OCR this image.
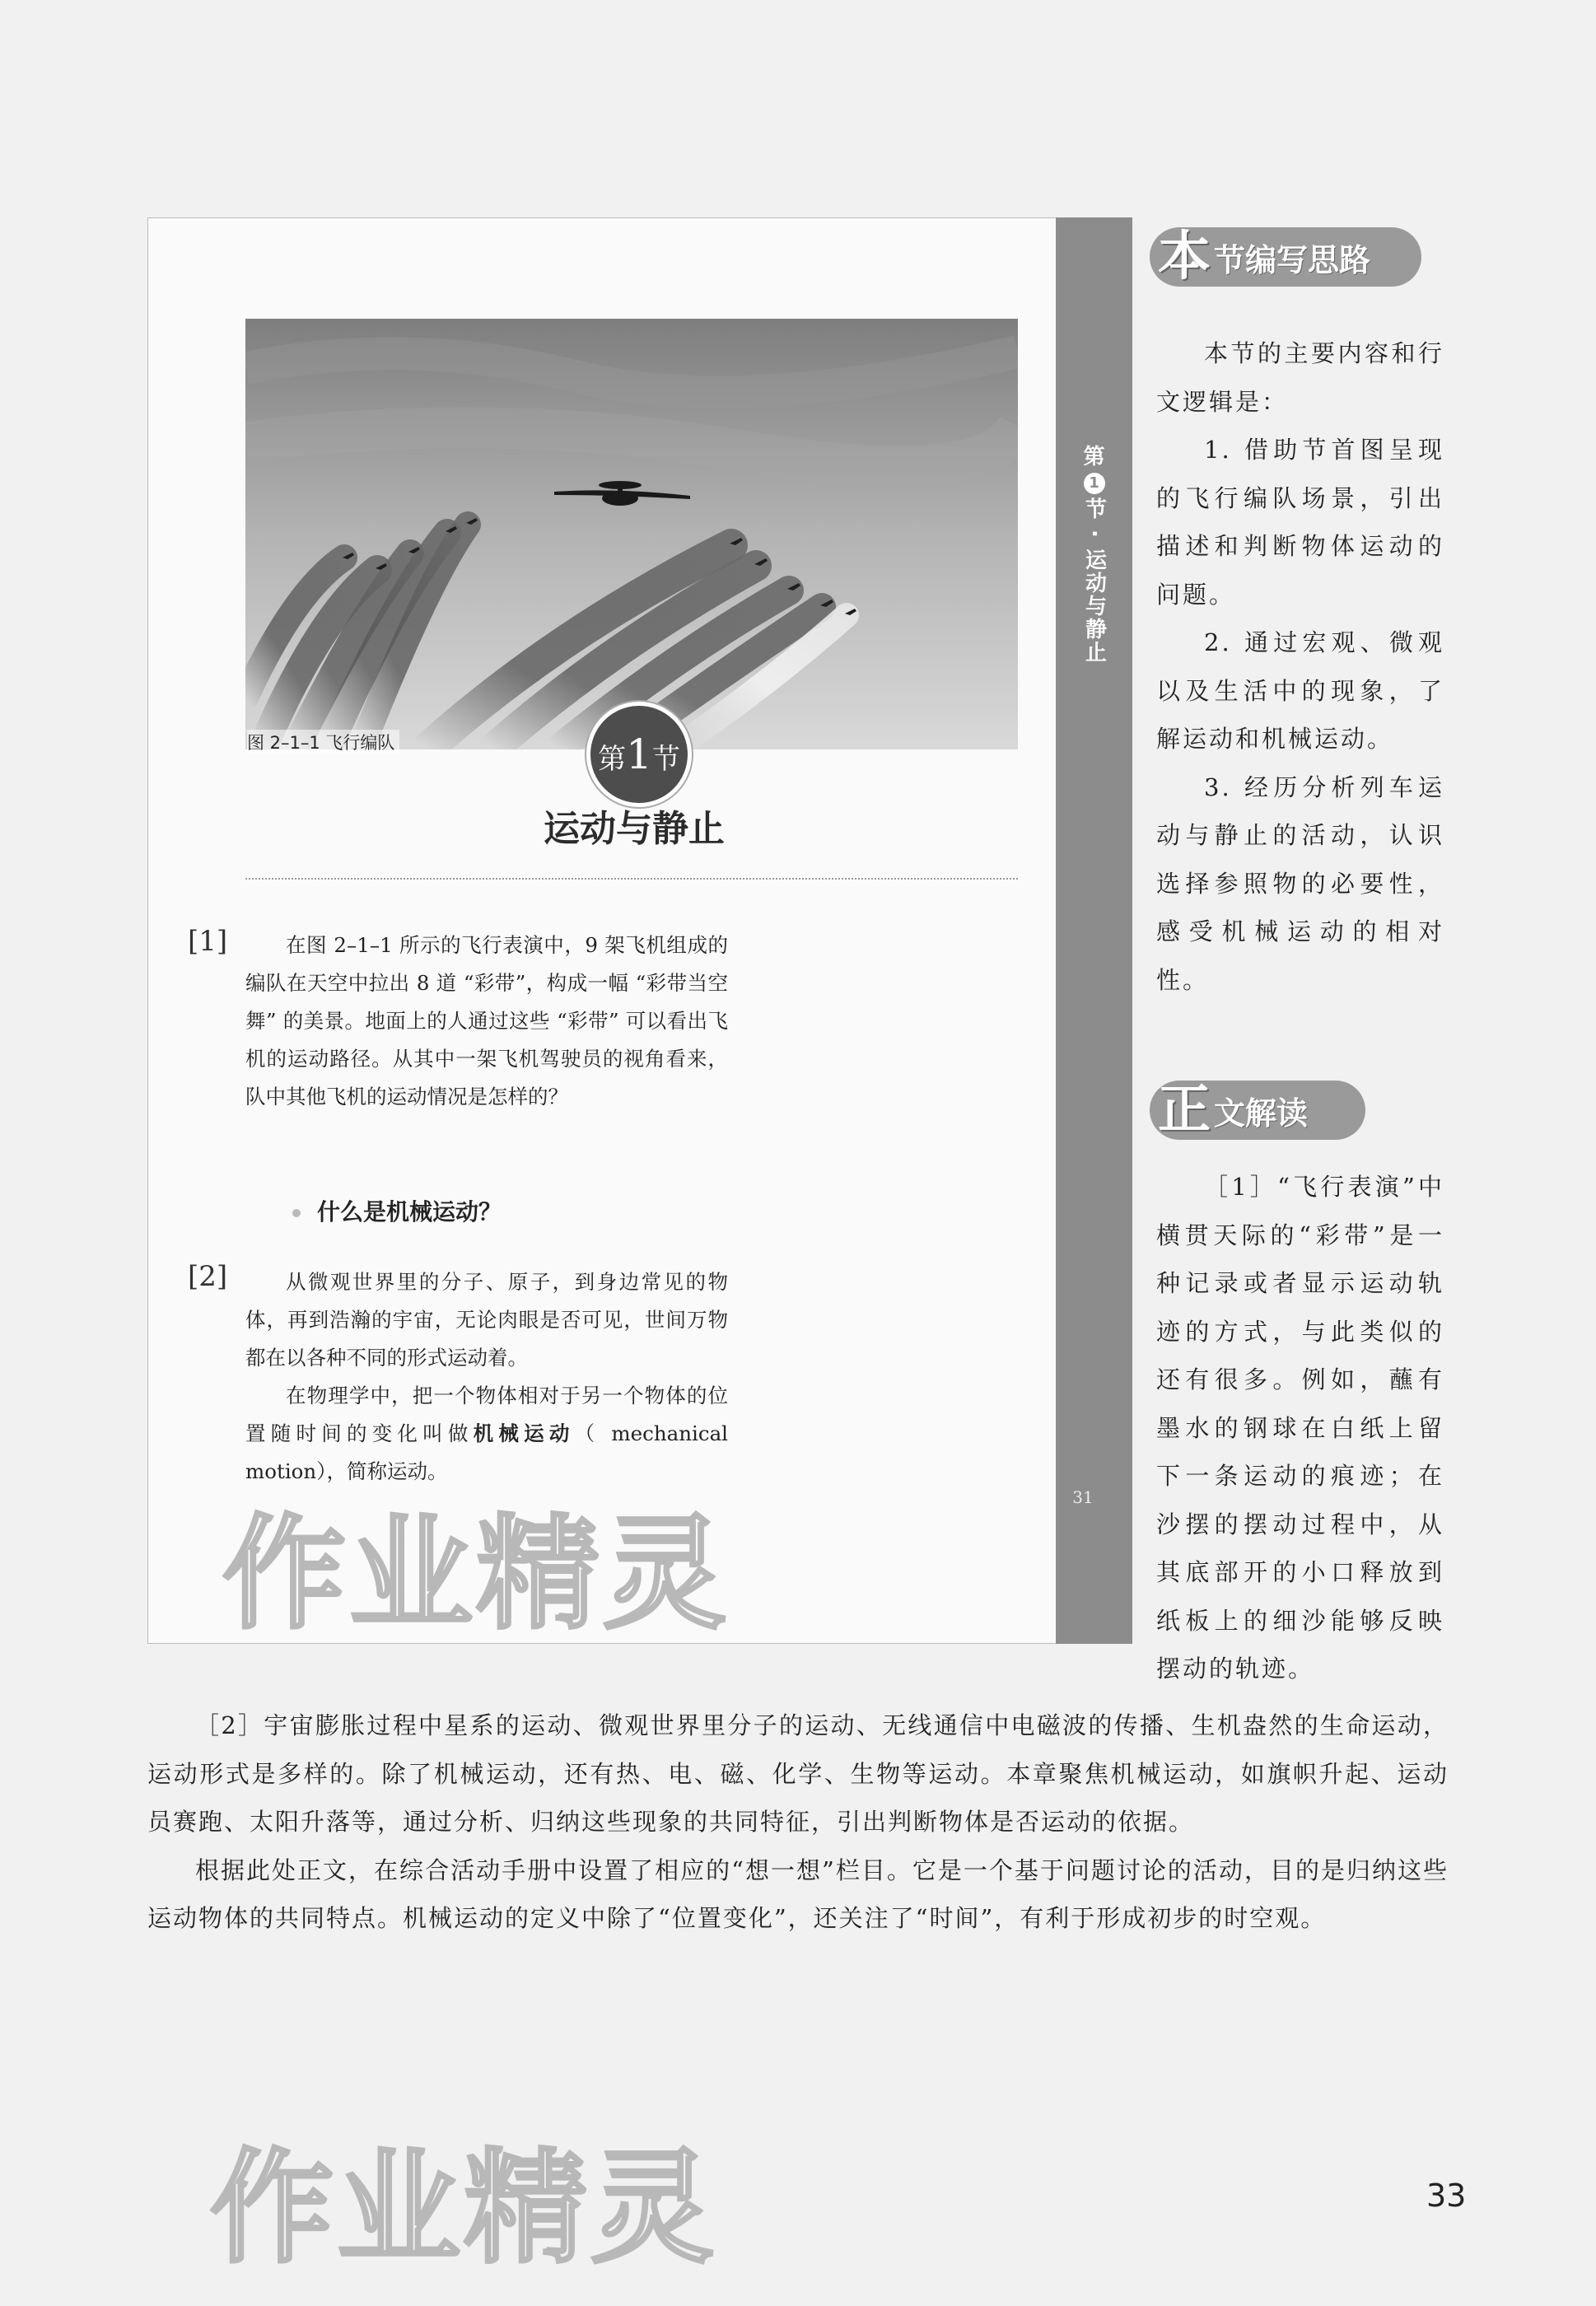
第
1
节 · 运动与静止
31
图 2–1–1 飞行编队	第1节
运动与静止
[1]	在图 2–1–1 所示的飞行表演中，9 架飞机组成的编队在天空中拉出 8 道 “彩带”，构成一幅 “彩带当空舞” 的美景。地面上的人通过这些 “彩带” 可以看出飞机的运动路径。从其中一架飞机驾驶员的视角看来，队中其他飞机的运动情况是怎样的？

什么是机械运动？
[2]	从微观世界里的分子、原子，到身边常见的物体，再到浩瀚的宇宙，无论肉眼是否可见，世间万物都在以各种不同的形式运动着。

在物理学中，把一个物体相对于另一个物体的位置随时间的变化叫做机械运动（ mechanical motion），简称运动。

作业精灵
本 节编写思路

本节的主要内容和行文逻辑是：

1. 借助节首图呈现的飞行编队场景，引出描述和判断物体运动的问题。

2. 通过宏观、微观以及生活中的现象，了解运动和机械运动。

3. 经历分析列车运动与静止的活动，认识选择参照物的必要性，感受机械运动的相对性。

正 文解读

［1］“飞行表演”中横贯天际的“彩带”是一种记录或者显示运动轨迹的方式，与此类似的还有很多。例如，蘸有墨水的钢球在白纸上留下一条运动的痕迹；在沙摆的摆动过程中，从其底部开的小口释放到纸板上的细沙能够反映摆动的轨迹。

［2］宇宙膨胀过程中星系的运动、微观世界里分子的运动、无线通信中电磁波的传播、生机盎然的生命运动，运动形式是多样的。除了机械运动，还有热、电、磁、化学、生物等运动。本章聚焦机械运动，如旗帜升起、运动员赛跑、太阳升落等，通过分析、归纳这些现象的共同特征，引出判断物体是否运动的依据。

根据此处正文，在综合活动手册中设置了相应的“想一想”栏目。它是一个基于问题讨论的活动，目的是归纳这些运动物体的共同特点。机械运动的定义中除了“位置变化”，还关注了“时间”，有利于形成初步的时空观。

作业精灵	33
